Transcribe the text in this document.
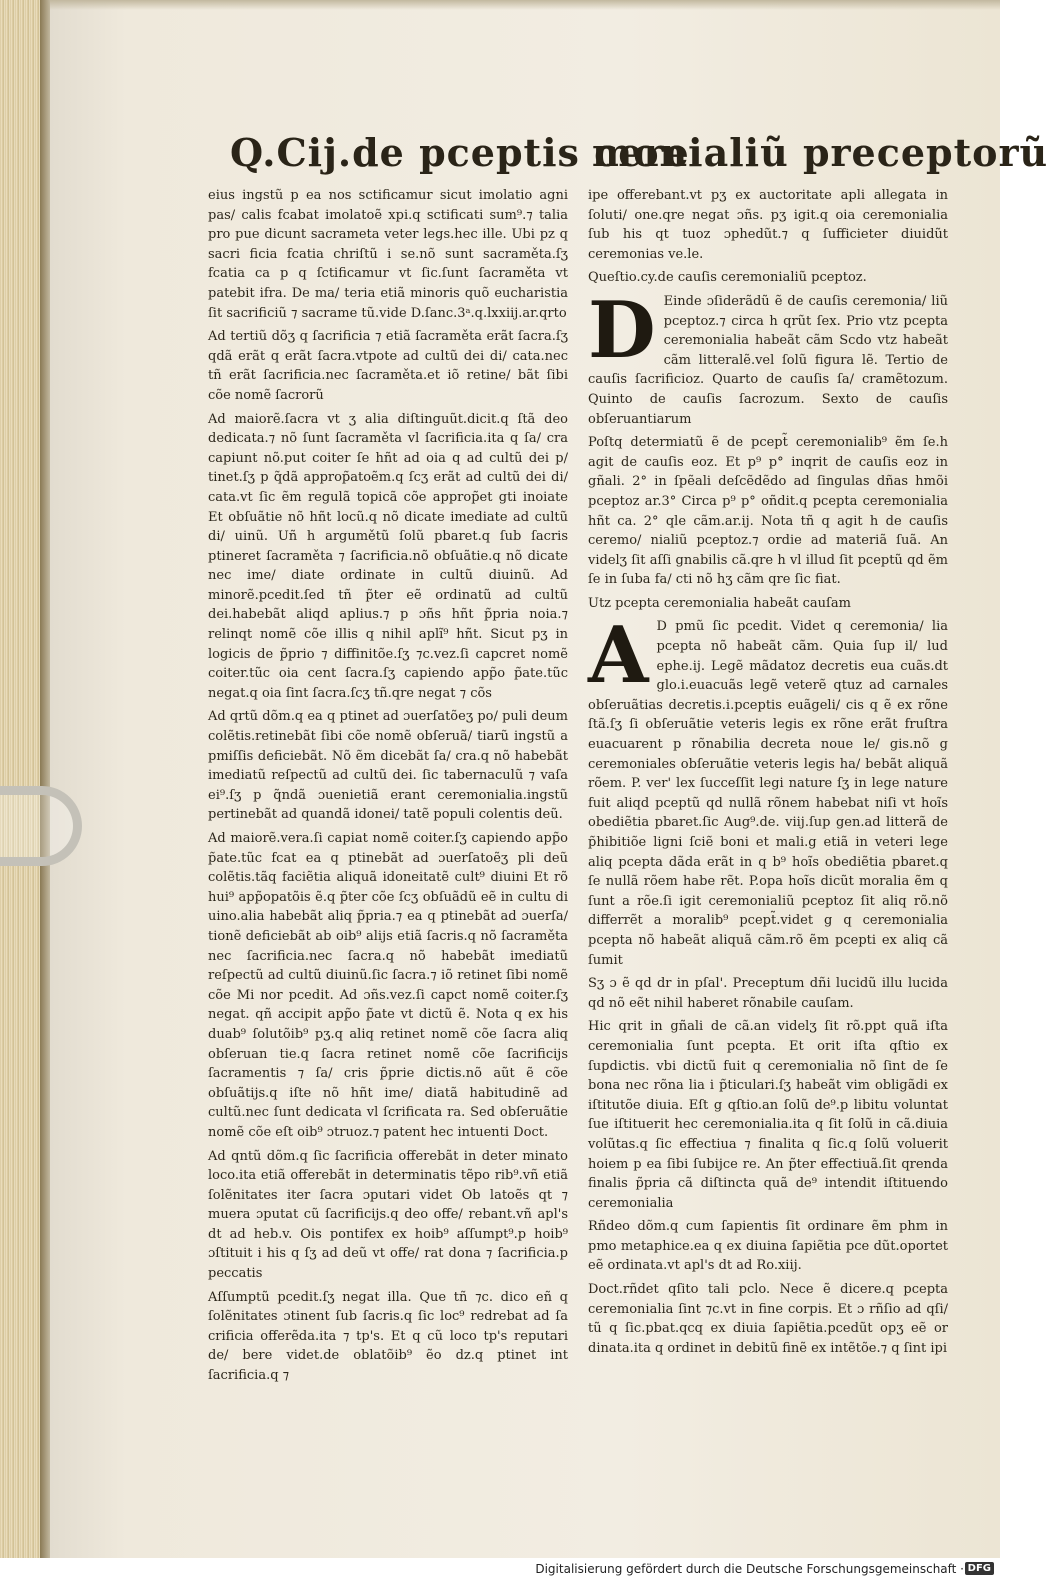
Q.Cij.de pceptis cere
monialiũ preceptorũ

eius ingstũ p ea nos sctificamur sicut imolatio agni pas/ calis fcabat imolatoẽ xpi.q sctificati sum⁹.⁊ talia pro pue dicunt sacrameta veter legs.hec ille. Ubi pz q sacri ficia fcatia chriſtũ i se.nõ sunt sacraměta.ſʒ fcatia ca p q ſctificamur vt ſic.ſunt ſacraměta vt patebit ifra. De ma/ teria etiã minoris quõ eucharistia ſit sacrificiũ ⁊ sacrame tũ.vide D.ſanc.3ᵃ.q.lxxiij.ar.qrto

Ad tertiũ dõʒ q ſacrificia ⁊ etiã ſacraměta erãt ſacra.ſʒ qdã erãt q erãt ſacra.vtpote ad cultũ dei di/ cata.nec tñ erãt ſacrificia.nec ſacraměta.et iõ retine/ bãt ſibi cõe nomẽ ſacrorũ

Ad maiorẽ.ſacra vt ʒ alia diſtinguũt.dicit.q ſtã deo dedicata.⁊ nõ ſunt ſacraměta vl ſacrificia.ita q ſa/ cra capiunt nõ.put coiter ſe hñt ad oia q ad cultũ dei p/ tinet.ſʒ p q̃dã approp̃atoẽm.q ſcʒ erãt ad cultũ dei di/ cata.vt ſic ẽm regulã topicã cõe approp̃et gti inoiate Et obſuãtie nõ hñt locũ.q nõ dicate imediate ad cultũ di/ uinũ. Uñ h argumětũ ſolũ pbaret.q ſub ſacris ptineret ſacraměta ⁊ ſacrificia.nõ obſuãtie.q nõ dicate nec ime/ diate ordinate in cultũ diuinũ. Ad minorẽ.pcedit.ſed tñ p̃ter eẽ ordinatũ ad cultũ dei.habebãt aliqd aplius.⁊ p ɔñs hñt p̃pria noia.⁊ relinqt nomẽ cõe illis q nihil aplĩ⁹ hñt. Sicut pʒ in logicis de p̃prio ⁊ diffinitõe.ſʒ ⁊c.vez.ſi capcret nomẽ coiter.tũc oia cent ſacra.ſʒ capiendo app̃o p̃ate.tũc negat.q oia ſint ſacra.ſcʒ tñ.qre negat ⁊ cõs

Ad qrtũ dõm.q ea q ptinet ad ɔuerſatõeʒ po/ puli deum colẽtis.retinebãt ſibi cõe nomẽ obſeruã/ tiarũ ingstũ a pmiſſis deficiebãt. Nõ ẽm dicebãt ſa/ cra.q nõ habebãt imediatũ reſpectũ ad cultũ dei. ſic tabernaculũ ⁊ vaſa ei⁹.ſʒ p q̃ndã ɔuenietiã erant ceremonialia.ingstũ pertinebãt ad quandã idonei/ tatẽ populi colentis deũ.

Ad maiorẽ.vera.ſi capiat nomẽ coiter.ſʒ capiendo app̃o p̃ate.tũc fcat ea q ptinebãt ad ɔuerſatoẽʒ pli deũ colẽtis.tãq faciẽtia aliquã idoneitatẽ cult⁹ diuini Et rõ hui⁹ app̃opatõis ẽ.q p̃ter cõe ſcʒ obſuãdũ eẽ in cultu di uino.alia habebãt aliq p̃pria.⁊ ea q ptinebãt ad ɔuerſa/ tionẽ deficiebãt ab oib⁹ alijs etiã ſacris.q nõ ſacraměta nec ſacrificia.nec ſacra.q nõ habebãt imediatũ reſpectũ ad cultũ diuinũ.ſic ſacra.⁊ iõ retinet ſibi nomẽ cõe Mi nor pcedit. Ad ɔñs.vez.ſi capct nomẽ coiter.ſʒ negat. qñ accipit app̃o p̃ate vt dictũ ẽ. Nota q ex his duab⁹ ſolutõib⁹ pʒ.q aliq retinet nomẽ cõe ſacra aliq obſeruan tie.q ſacra retinet nomẽ cõe ſacrificijs ſacramentis ⁊ ſa/ cris p̃prie dictis.nõ aũt ẽ cõe obſuãtijs.q iſte nõ hñt ime/ diatã habitudinẽ ad cultũ.nec ſunt dedicata vl ſcrificata ra. Sed obſeruãtie nomẽ cõe eſt oib⁹ ɔtruoz.⁊ patent hec intuenti Doct.

Ad qntũ dõm.q ſic ſacrificia offerebãt in deter minato loco.ita etiã offerebãt in determinatis tẽpo rib⁹.vñ etiã ſolẽnitates iter ſacra ɔputari videt Ob latoẽs qt ⁊ muera ɔputat cũ ſacrificijs.q deo offe/ rebant.vñ apl's dt ad heb.v. Ois pontifex ex hoib⁹ aſſumpt⁹.p hoib⁹ ɔſtituit i his q ſʒ ad deũ vt offe/ rat dona ⁊ ſacrificia.p peccatis

Aſſumptũ pcedit.ſʒ negat illa. Que tñ ⁊c. dico eñ q ſolẽnitates ɔtinent ſub ſacris.q ſic loc⁹ redrebat ad ſa crificia offerẽda.ita ⁊ tp's. Et q cũ loco tp's reputari de/ bere videt.de oblatõib⁹ ẽo dz.q ptinet int ſacrificia.q ⁊

ipe offerebant.vt pʒ ex auctoritate apli allegata in ſoluti/ one.qre negat ɔñs. pʒ igit.q oia ceremonialia ſub his qt tuoz ɔphedũt.⁊ q ſufficieter diuidũt ceremonias ve.le.

Queſtio.cy.de cauſis ceremonialiũ pceptoz.

D Einde ɔſiderãdũ ẽ de cauſis ceremonia/ liũ pceptoz.⁊ circa h qrũt ſex. Prio vtz pcepta ceremonialia habeãt cãm Scdo vtz habeãt cãm litteralẽ.vel ſolũ figura lẽ. Tertio de cauſis ſacrificioz. Quarto de cauſis ſa/ cramẽtozum. Quinto de cauſis ſacrozum. Sexto de cauſis obſeruantiarum

Poſtq determiatũ ẽ de pcept̃ ceremonialib⁹ ẽm ſe.h agit de cauſis eoz. Et p⁹ p° inqrit de cauſis eoz in gñali. 2° in ſpẽali deſcẽdẽdo ad ſingulas dñas hmõi pceptoz ar.3° Circa p⁹ p° oñdit.q pcepta ceremonialia hñt ca. 2° qle cãm.ar.ij. Nota tñ q agit h de cauſis ceremo/ nialiũ pceptoz.⁊ ordie ad materiã ſuã. An videlʒ ſit aſſi gnabilis cã.qre h vl illud ſit pceptũ qd ẽm ſe in ſuba fa/ cti nõ hʒ cãm qre ſic fiat.

Utz pcepta ceremonialia habeãt cauſam

A D pmũ ſic pcedit. Videt q ceremonia/ lia pcepta nõ habeãt cãm. Quia ſup il/ lud ephe.ij. Legẽ mãdatoz decretis eua cuãs.dt glo.i.euacuãs legẽ veterẽ qtuz ad carnales obſeruãtias decretis.i.pceptis euãgeli/ cis q ẽ ex rõne ſtã.ſʒ ſi obſeruãtie veteris legis ex rõne erãt fruſtra euacuarent p rõnabilia decreta noue le/ gis.nõ g ceremoniales obſeruãtie veteris legis ha/ bebãt aliquã rõem. P. ver' lex ſucceſſit legi nature ſʒ in lege nature fuit aliqd pceptũ qd nullã rõnem habebat niſi vt hoĩs obediẽtia pbaret.ſic Aug⁹.de. viij.ſup gen.ad litterã de p̃hibitiõe ligni ſciẽ boni et mali.g etiã in veteri lege aliq pcepta dãda erãt in q b⁹ hoĩs obediẽtia pbaret.q ſe nullã rõem habe rẽt. P.opa hoĩs dicũt moralia ẽm q ſunt a rõe.ſi igit ceremonialiũ pceptoz ſit aliq rõ.nõ differrẽt a moralib⁹ pcept̃.videt g q ceremonialia pcepta nõ habeãt aliquã cãm.rõ ẽm pcepti ex aliq cã ſumit

Sʒ ɔ ẽ qd dr in pſal'. Preceptum dñi lucidũ illu lucida qd nõ eẽt nihil haberet rõnabile cauſam.

Hic qrit in gñali de cã.an videlʒ ſit rõ.ppt quã iſta ceremonialia ſunt pcepta. Et orit iſta qſtio ex ſupdictis. vbi dictũ fuit q ceremonialia nõ ſint de ſe bona nec rõna lia i p̃ticulari.ſʒ habeãt vim obligãdi ex iſtitutõe diuia. Eſt g qſtio.an ſolũ de⁹.p libitu voluntat ſue iſtituerit hec ceremonialia.ita q ſit ſolũ in cã.diuia volũtas.q ſic effectiua ⁊ finalita q ſic.q ſolũ voluerit hoiem p ea ſibi ſubijce re. An p̃ter effectiuã.ſit qrenda finalis p̃pria cã diſtincta quã de⁹ intendit iſtituendo ceremonialia

Rñdeo dõm.q cum ſapientis ſit ordinare ẽm phm in pmo metaphice.ea q ex diuina ſapiẽtia pce dũt.oportet eẽ ordinata.vt apl's dt ad Ro.xiij.

Doct.rñdet qſito tali pclo. Nece ẽ dicere.q pcepta ceremonialia ſint ⁊c.vt in fine corpis. Et ɔ rñſio ad qſi/ tũ q ſic.pbat.qcq ex diuia ſapiẽtia.pcedũt opʒ eẽ or dinata.ita q ordinet in debitũ finẽ ex intẽtõe.⁊ q ſint ipi

Digitalisierung gefördert durch die Deutsche Forschungsgemeinschaft · DFG
